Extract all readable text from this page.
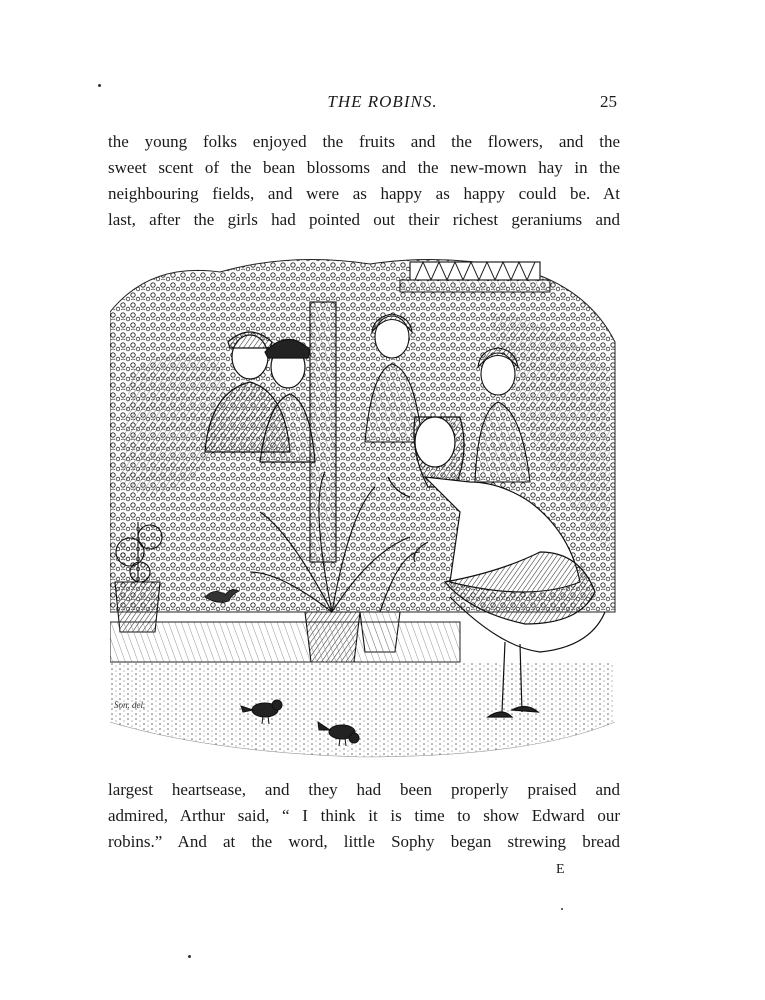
THE ROBINS.	25
the young folks enjoyed the fruits and the flowers, and the
sweet scent of the bean blossoms and the new-mown hay in the
neighbouring fields, and were as happy as happy could be. At
last, after the girls had pointed out their richest geraniums and
Son. del.
largest heartsease, and they had been properly praised and
admired, Arthur said, “ I think it is time to show Edward our
robins.” And at the word, little Sophy began strewing bread
E
